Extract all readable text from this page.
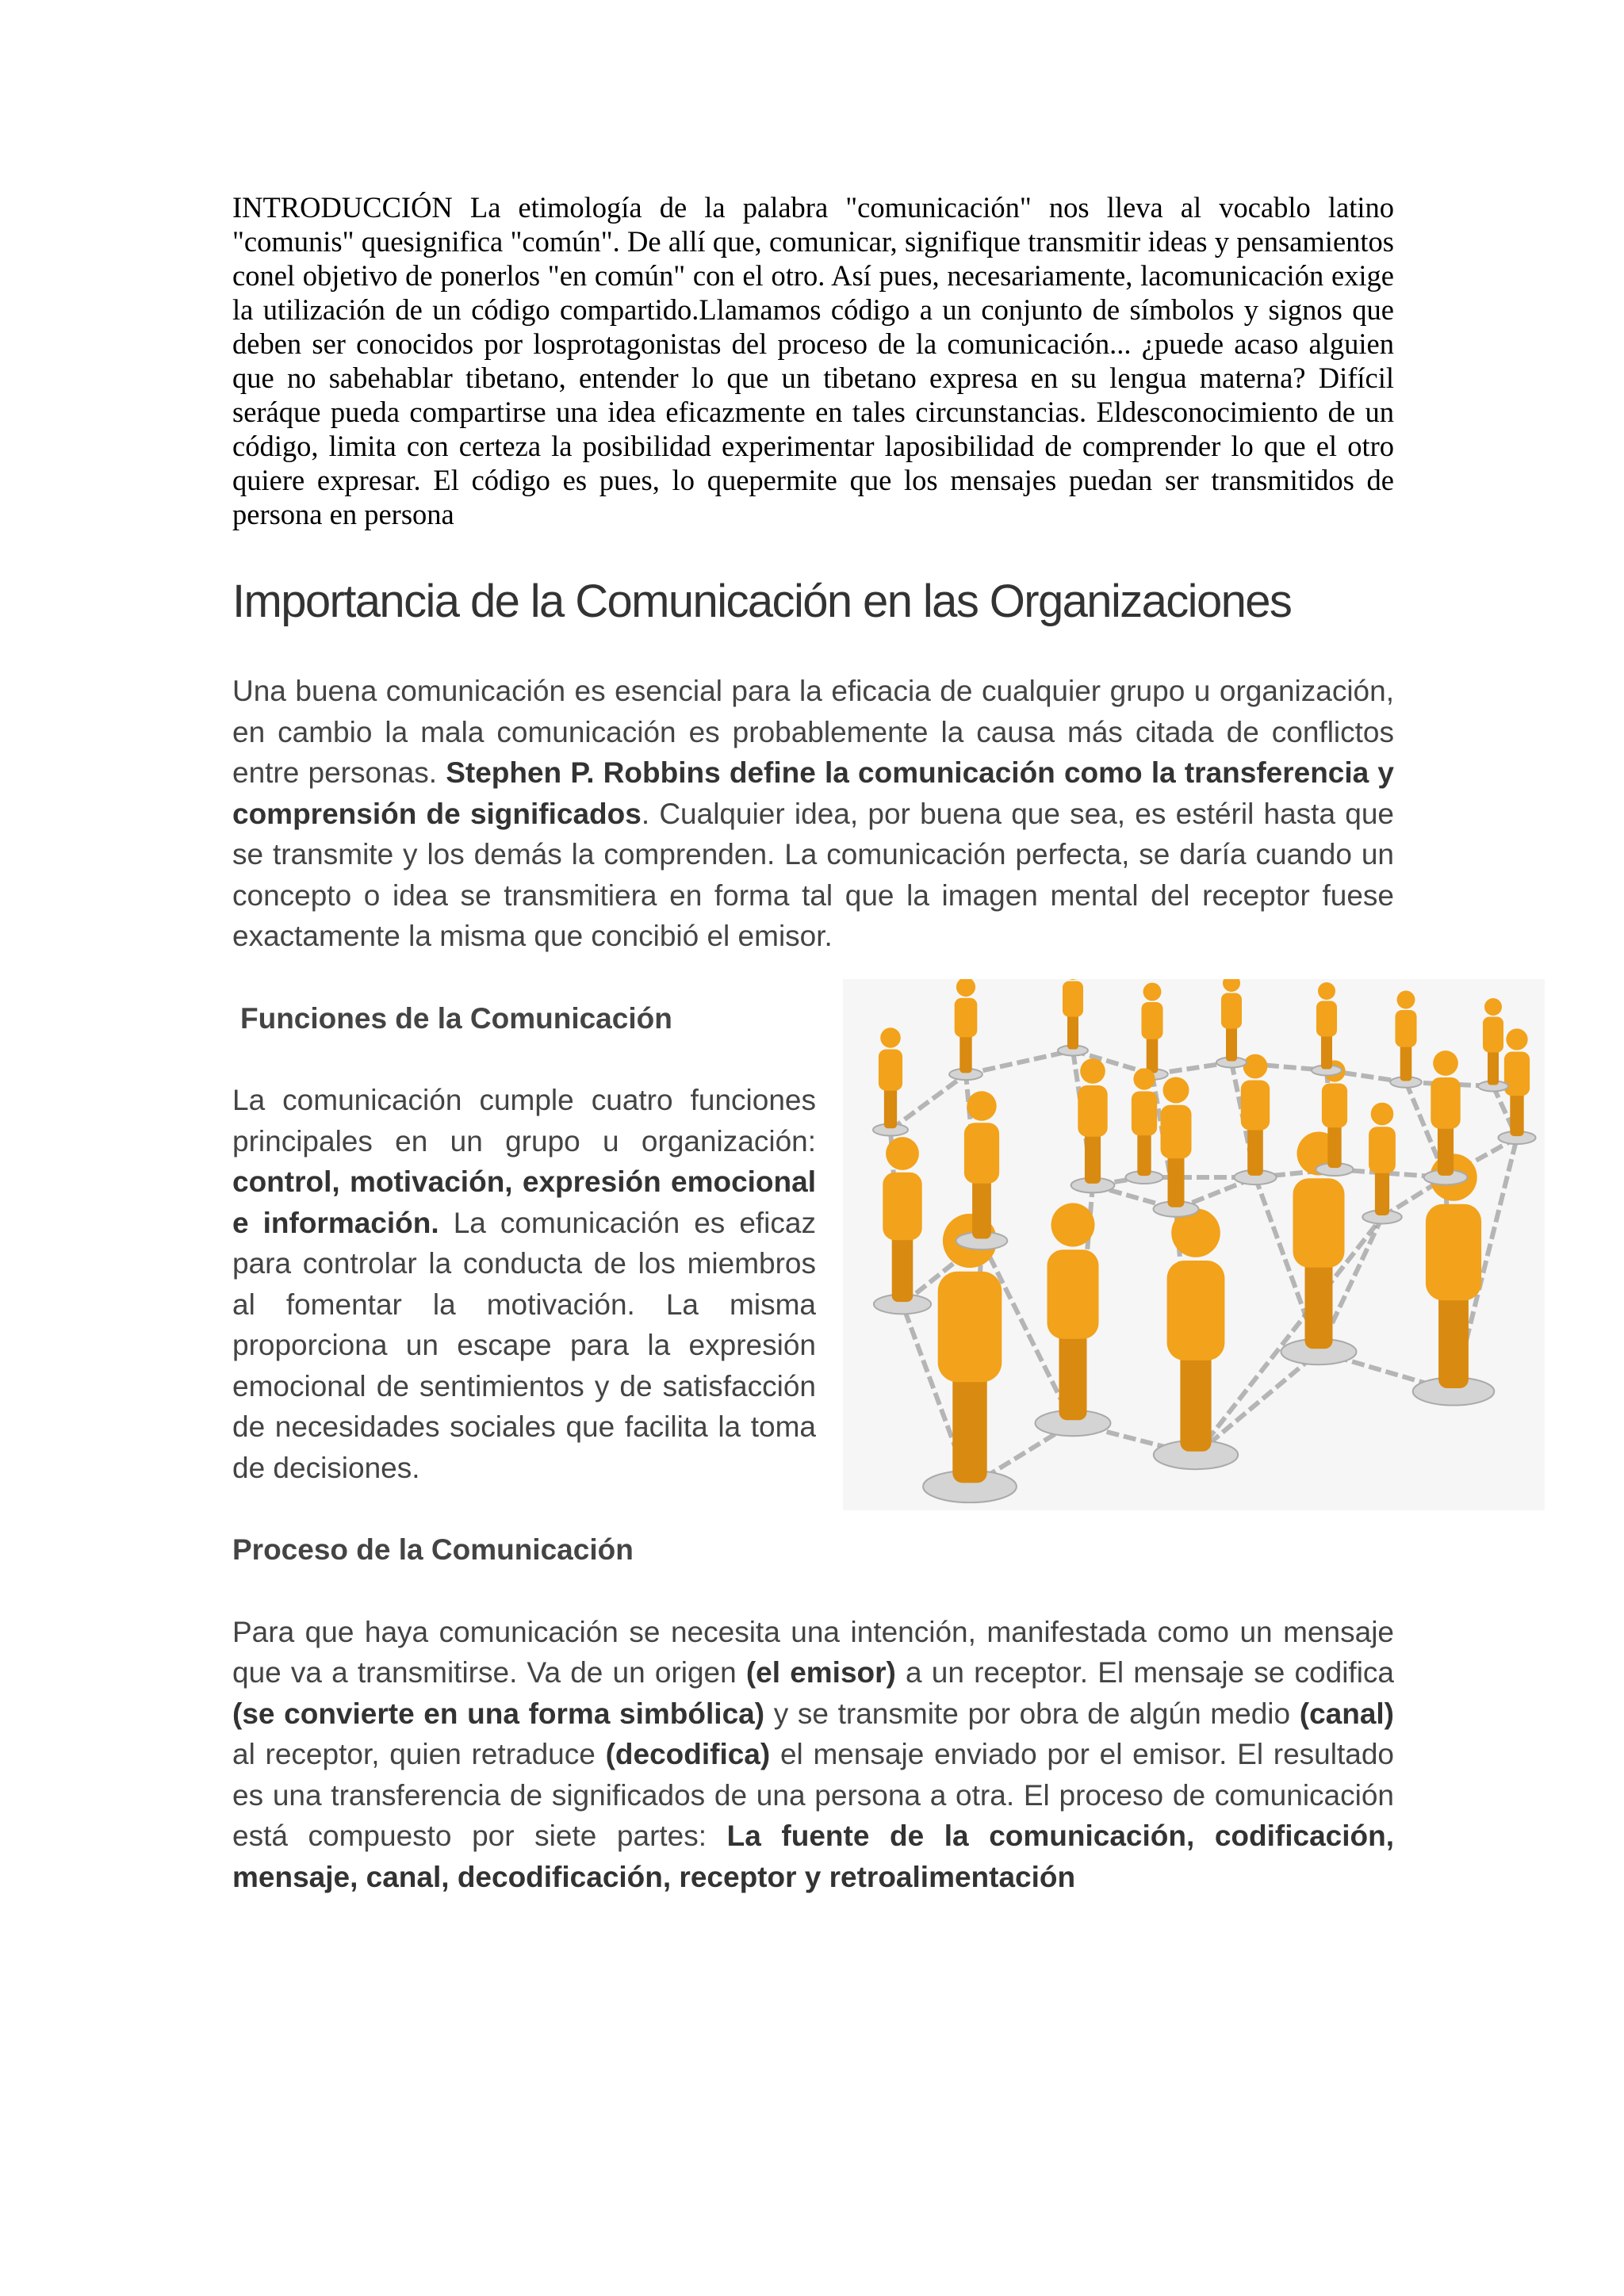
INTRODUCCIÓN La etimología de la palabra "comunicación" nos lleva al vocablo latino "comunis" quesignifica "común". De allí que, comunicar, signifique transmitir ideas y pensamientos conel objetivo de ponerlos "en común" con el otro. Así pues, necesariamente, lacomunicación exige la utilización de un código compartido.Llamamos código a un conjunto de símbolos y signos que deben ser conocidos por losprotagonistas del proceso de la comunicación... ¿puede acaso alguien que no sabehablar tibetano, entender lo que un tibetano expresa en su lengua materna? Difícil seráque pueda compartirse una idea eficazmente en tales circunstancias. Eldesconocimiento de un código, limita con certeza la posibilidad experimentar laposibilidad de comprender lo que el otro quiere expresar. El código es pues, lo quepermite que los mensajes puedan ser transmitidos de persona en persona

Importancia de la Comunicación en las Organizaciones

Una buena comunicación es esencial para la eficacia de cualquier grupo u organización, en cambio la mala comunicación es probablemente la causa más citada de conflictos entre personas. Stephen P. Robbins define la comunicación como la transferencia y comprensión de significados. Cualquier idea, por buena que sea, es estéril hasta que se transmite y los demás la comprenden. La comunicación perfecta, se daría cuando un concepto o idea se transmitiera en forma tal que la imagen mental del receptor fuese exactamente la misma que concibió el emisor.

Funciones de la Comunicación

La comunicación cumple cuatro funciones principales en un grupo u organización: control, motivación, expresión emocional e información. La comunicación es eficaz para controlar la conducta de los miembros al fomentar la motivación. La misma proporciona un escape para la expresión emocional de sentimientos y de satisfacción de necesidades sociales que facilita la toma de decisiones.

Proceso de la Comunicación

Para que haya comunicación se necesita una intención, manifestada como un mensaje que va a transmitirse. Va de un origen (el emisor) a un receptor. El mensaje se codifica (se convierte en una forma simbólica) y se transmite por obra de algún medio (canal) al receptor, quien retraduce (decodifica) el mensaje enviado por el emisor. El resultado es una transferencia de significados de una persona a otra. El proceso de comunicación está compuesto por siete partes: La fuente de la comunicación, codificación, mensaje, canal, decodificación, receptor y retroalimentación
